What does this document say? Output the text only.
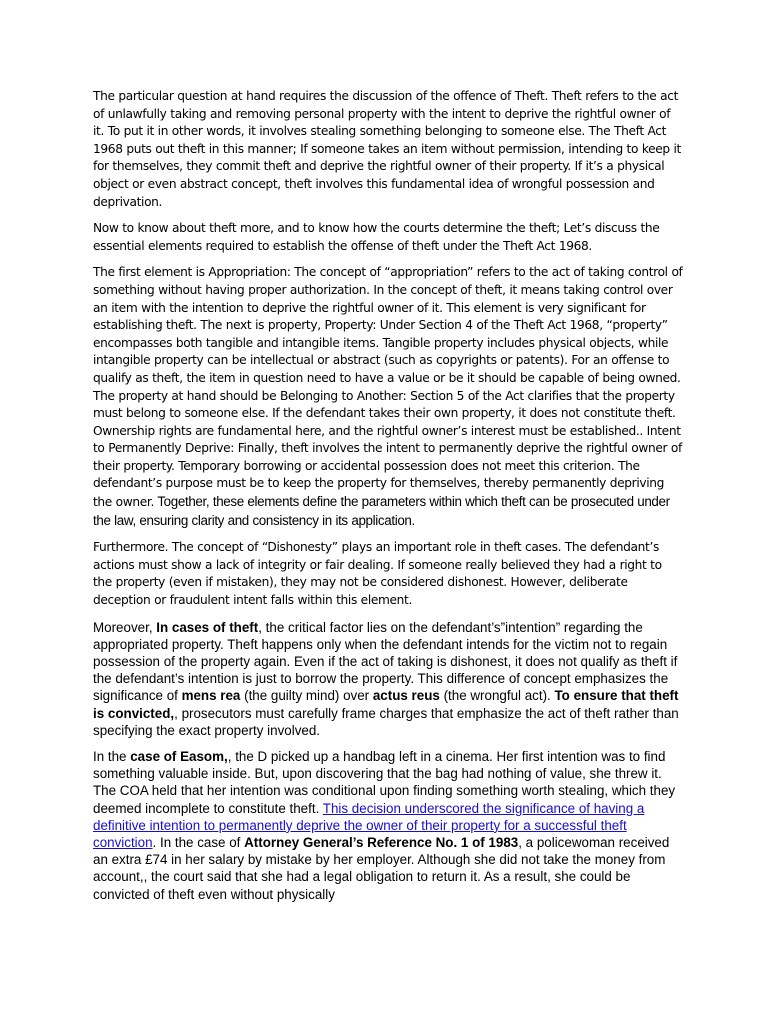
The particular question at hand requires the discussion of the offence of Theft. Theft refers to the act of unlawfully taking and removing personal property with the intent to deprive the rightful owner of it. To put it in other words, it involves stealing something belonging to someone else. The Theft Act 1968 puts out theft in this manner; If someone takes an item without permission, intending to keep it for themselves, they commit theft and deprive the rightful owner of their property. If it’s a physical object or even abstract concept, theft involves this fundamental idea of wrongful possession and deprivation.

Now to know about theft more, and to know how the courts determine the theft; Let’s discuss the essential elements required to establish the offense of theft under the Theft Act 1968.

The first element is Appropriation: The concept of “appropriation” refers to the act of taking control of something without having proper authorization. In the concept of theft, it means taking control over an item with the intention to deprive the rightful owner of it. This element is very significant for establishing theft. The next is property, Property: Under Section 4 of the Theft Act 1968, “property” encompasses both tangible and intangible items. Tangible property includes physical objects, while intangible property can be intellectual or abstract (such as copyrights or patents). For an offense to qualify as theft, the item in question need to have a value or be it should be capable of being owned. The property at hand should be Belonging to Another: Section 5 of the Act clarifies that the property must belong to someone else. If the defendant takes their own property, it does not constitute theft. Ownership rights are fundamental here, and the rightful owner’s interest must be established.. Intent to Permanently Deprive: Finally, theft involves the intent to permanently deprive the rightful owner of their property. Temporary borrowing or accidental possession does not meet this criterion. The defendant’s purpose must be to keep the property for themselves, thereby permanently depriving the owner. Together, these elements define the parameters within which theft can be prosecuted under the law, ensuring clarity and consistency in its application.

Furthermore. The concept of “Dishonesty” plays an important role in theft cases. The defendant’s actions must show a lack of integrity or fair dealing. If someone really believed they had a right to the property (even if mistaken), they may not be considered dishonest. However, deliberate deception or fraudulent intent falls within this element.

Moreover, In cases of theft, the critical factor lies on the defendant’s”intention” regarding the appropriated property. Theft happens only when the defendant intends for the victim not to regain possession of the property again. Even if the act of taking is dishonest, it does not qualify as theft if the defendant’s intention is just to borrow the property. This difference of concept emphasizes the significance of mens rea (the guilty mind) over actus reus (the wrongful act). To ensure that theft is convicted,, prosecutors must carefully frame charges that emphasize the act of theft rather than specifying the exact property involved.

In the case of Easom,, the D picked up a handbag left in a cinema. Her first intention was to find something valuable inside. But, upon discovering that the bag had nothing of value, she threw it. The COA held that her intention was conditional upon finding something worth stealing, which they deemed incomplete to constitute theft. This decision underscored the significance of having a definitive intention to permanently deprive the owner of their property for a successful theft conviction. In the case of Attorney General’s Reference No. 1 of 1983, a policewoman received an extra £74 in her salary by mistake by her employer. Although she did not take the money from account,, the court said that she had a legal obligation to return it. As a result, she could be convicted of theft even without physically
